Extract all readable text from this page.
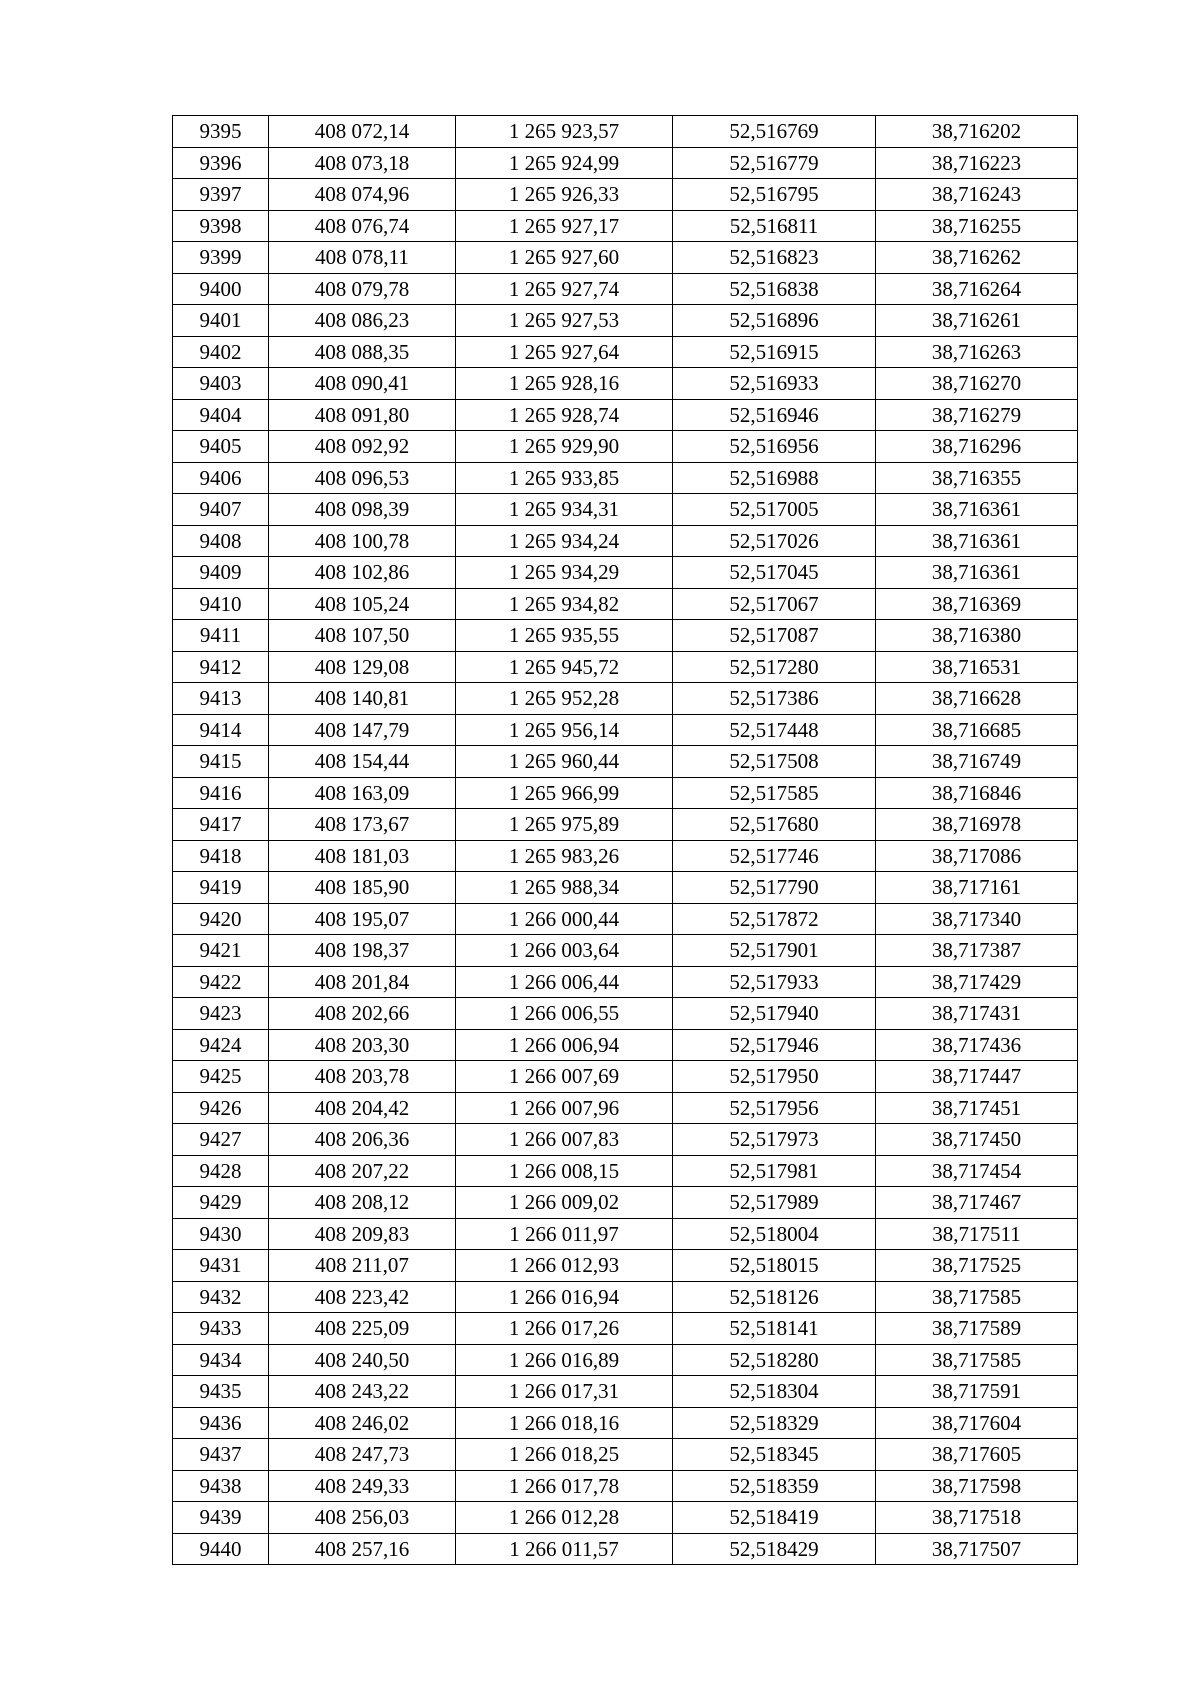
9395	408 072,14	1 265 923,57	52,516769	38,716202
9396	408 073,18	1 265 924,99	52,516779	38,716223
9397	408 074,96	1 265 926,33	52,516795	38,716243
9398	408 076,74	1 265 927,17	52,516811	38,716255
9399	408 078,11	1 265 927,60	52,516823	38,716262
9400	408 079,78	1 265 927,74	52,516838	38,716264
9401	408 086,23	1 265 927,53	52,516896	38,716261
9402	408 088,35	1 265 927,64	52,516915	38,716263
9403	408 090,41	1 265 928,16	52,516933	38,716270
9404	408 091,80	1 265 928,74	52,516946	38,716279
9405	408 092,92	1 265 929,90	52,516956	38,716296
9406	408 096,53	1 265 933,85	52,516988	38,716355
9407	408 098,39	1 265 934,31	52,517005	38,716361
9408	408 100,78	1 265 934,24	52,517026	38,716361
9409	408 102,86	1 265 934,29	52,517045	38,716361
9410	408 105,24	1 265 934,82	52,517067	38,716369
9411	408 107,50	1 265 935,55	52,517087	38,716380
9412	408 129,08	1 265 945,72	52,517280	38,716531
9413	408 140,81	1 265 952,28	52,517386	38,716628
9414	408 147,79	1 265 956,14	52,517448	38,716685
9415	408 154,44	1 265 960,44	52,517508	38,716749
9416	408 163,09	1 265 966,99	52,517585	38,716846
9417	408 173,67	1 265 975,89	52,517680	38,716978
9418	408 181,03	1 265 983,26	52,517746	38,717086
9419	408 185,90	1 265 988,34	52,517790	38,717161
9420	408 195,07	1 266 000,44	52,517872	38,717340
9421	408 198,37	1 266 003,64	52,517901	38,717387
9422	408 201,84	1 266 006,44	52,517933	38,717429
9423	408 202,66	1 266 006,55	52,517940	38,717431
9424	408 203,30	1 266 006,94	52,517946	38,717436
9425	408 203,78	1 266 007,69	52,517950	38,717447
9426	408 204,42	1 266 007,96	52,517956	38,717451
9427	408 206,36	1 266 007,83	52,517973	38,717450
9428	408 207,22	1 266 008,15	52,517981	38,717454
9429	408 208,12	1 266 009,02	52,517989	38,717467
9430	408 209,83	1 266 011,97	52,518004	38,717511
9431	408 211,07	1 266 012,93	52,518015	38,717525
9432	408 223,42	1 266 016,94	52,518126	38,717585
9433	408 225,09	1 266 017,26	52,518141	38,717589
9434	408 240,50	1 266 016,89	52,518280	38,717585
9435	408 243,22	1 266 017,31	52,518304	38,717591
9436	408 246,02	1 266 018,16	52,518329	38,717604
9437	408 247,73	1 266 018,25	52,518345	38,717605
9438	408 249,33	1 266 017,78	52,518359	38,717598
9439	408 256,03	1 266 012,28	52,518419	38,717518
9440	408 257,16	1 266 011,57	52,518429	38,717507
